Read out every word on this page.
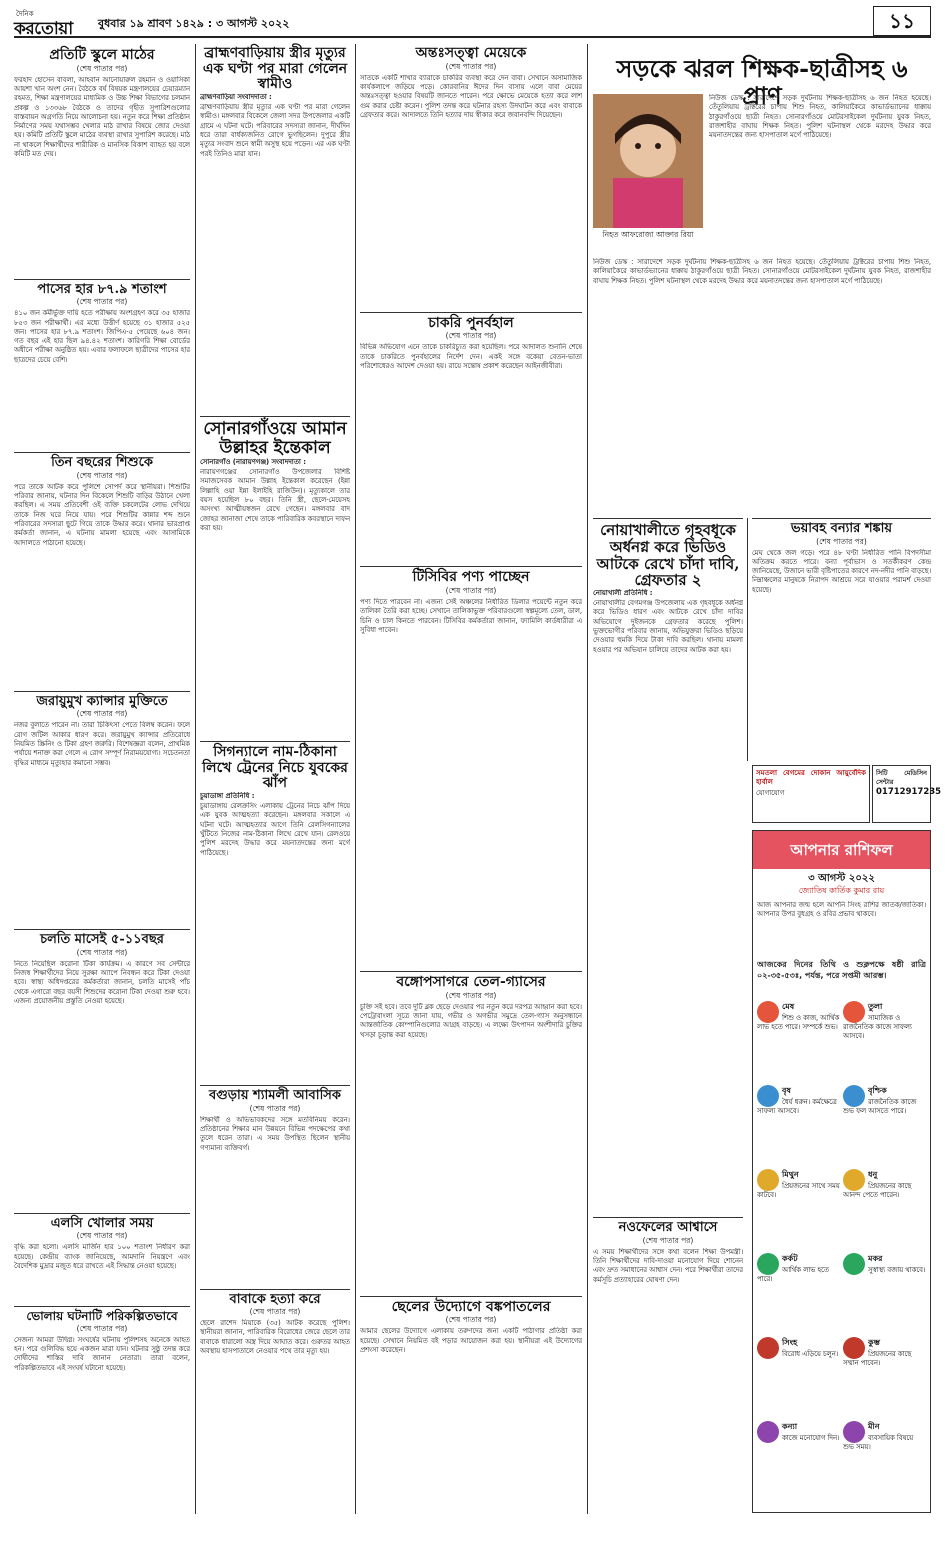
দৈনিক
করতোয়া বুধবার ১৯ শ্রাবণ ১৪২৯ : ৩ আগস্ট ২০২২	১১
প্রতিটি স্কুলে মাঠের
(শেষ পাতার পর)
ফরহাদ হোসেন বাবলা, আহবান আনোয়ারুল রহমান ও ওয়াসিকা আয়শা খান অংশ নেন। বৈঠকে বর্ষ বিষয়ক মন্ত্রণালয়ের চেয়ারম্যান রহমত, শিক্ষা মন্ত্রণালয়ের মাধ্যমিক ও উচ্চ শিক্ষা বিভাগের চলমান প্রকল্প ও ১৩৩৬৮ বৈঠকে ও তাদের গৃহীত সুপারিশগুলোর বাস্তবায়ন অগ্রগতি নিয়ে আলোচনা হয়। নতুন করে শিক্ষা প্রতিষ্ঠান নির্মাণের সময় যথাসম্ভব খেলার মাঠ রাখার বিষয়ে জোর দেওয়া হয়। কমিটি প্রতিটি স্কুলে মাঠের ব্যবস্থা রাখার সুপারিশ করেছে। মাঠ না থাকলে শিক্ষার্থীদের শারীরিক ও মানসিক বিকাশ ব্যাহত হয় বলে কমিটি মত দেয়।
পাসের হার ৮৭.৯ শতাংশ
(শেষ পাতার পর)
৪১০ জন কর্মীর্ভুক্ত দায়ি হতে পরীক্ষায় অংশগ্রহণ করে ৩৫ হাজার ৮৫৩ জন পরীক্ষার্থী। এর মধ্যে উত্তীর্ণ হয়েছে ৩১ হাজার ৫২৫ জন। পাসের হার ৮৭.৯ শতাংশ। জিপিএ-৫ পেয়েছে ৬০৪ জন। গত বছর এই হার ছিল ৯৪.৪২ শতাংশ। কারিগরি শিক্ষা বোর্ডের অধীনে পরীক্ষা অনুষ্ঠিত হয়। এবার ফলাফলে ছাত্রীদের পাসের হার ছাত্রদের চেয়ে বেশি।
তিন বছরের শিশুকে
(শেষ পাতার পর)
পরে তাকে আটক করে পুলিশে সোপর্দ করে স্থানীয়রা। শিশুটির পরিবার জানায়, ঘটনার দিন বিকেলে শিশুটি বাড়ির উঠানে খেলা করছিল। এ সময় প্রতিবেশী ওই ব্যক্তি চকলেটের লোভ দেখিয়ে তাকে নিজ ঘরে নিয়ে যায়। পরে শিশুটির কান্নার শব্দ শুনে পরিবারের সদস্যরা ছুটে গিয়ে তাকে উদ্ধার করে। থানার ভারপ্রাপ্ত কর্মকর্তা জানান, এ ঘটনায় মামলা হয়েছে এবং আসামিকে আদালতে পাঠানো হয়েছে।
জরায়ুমুখ ক্যান্সার মুক্তিতে
(শেষ পাতার পর)
নজর বুলাতে পারেন না। তারা চিকিৎসা পেতে বিলম্ব করেন। ফলে রোগ জটিল আকার ধারণ করে। জরায়ুমুখ ক্যান্সার প্রতিরোধে নিয়মিত স্ক্রিনিং ও টিকা গ্রহণ জরুরি। বিশেষজ্ঞরা বলেন, প্রাথমিক পর্যায়ে শনাক্ত করা গেলে এ রোগ সম্পূর্ণ নিরাময়যোগ্য। সচেতনতা বৃদ্ধির মাধ্যমে মৃত্যুহার কমানো সম্ভব।
চলতি মাসেই ৫-১১বছর
(শেষ পাতার পর)
নিতে নিয়েছিল করোনা টিকা কার্যক্রম। এ কারণে সব সেন্টারে নিজস্ব শিক্ষার্থীদের নিয়ে সুরক্ষা অ্যাপে নিবন্ধন করে টিকা দেওয়া হবে। স্বাস্থ্য অধিদপ্তরের কর্মকর্তারা জানান, চলতি মাসেই পাঁচ থেকে এগারো বছর বয়সী শিশুদের করোনা টিকা দেওয়া শুরু হবে। এজন্য প্রয়োজনীয় প্রস্তুতি নেওয়া হয়েছে।
এলসি খোলার সময়
(শেষ পাতার পর)
বৃদ্ধি করা হলো। এলসি মার্জিন হার ১০০ শতাংশ নির্ধারণ করা হয়েছে। কেন্দ্রীয় ব্যাংক জানিয়েছে, আমদানি নিয়ন্ত্রণে এবং বৈদেশিক মুদ্রার মজুত ধরে রাখতে এই সিদ্ধান্ত নেওয়া হয়েছে।
ভোলায় ঘটনাটি পরিকল্পিতভাবে
(শেষ পাতার পর)
সেজন্য আমরা উদ্বিগ্ন। সংঘর্ষের ঘটনায় পুলিশসহ অনেকে আহত হন। পরে গুলিবিদ্ধ হয়ে একজন মারা যান। ঘটনার সুষ্ঠু তদন্ত করে দোষীদের শাস্তির দাবি জানান নেতারা। তারা বলেন, পরিকল্পিতভাবে এই সংঘর্ষ ঘটানো হয়েছে।
ব্রাহ্মণবাড়িয়ায় স্ত্রীর মৃত্যুর এক ঘণ্টা পর মারা গেলেন স্বামীও
ব্রাহ্মণবাড়িয়া সংবাদদাতা :
ব্রাহ্মণবাড়িয়ায় স্ত্রীর মৃত্যুর এক ঘণ্টা পর মারা গেলেন স্বামীও। মঙ্গলবার বিকেলে জেলা সদর উপজেলার একটি গ্রামে এ ঘটনা ঘটে। পরিবারের সদস্যরা জানান, দীর্ঘদিন ধরে তারা বার্ধক্যজনিত রোগে ভুগছিলেন। দুপুরে স্ত্রীর মৃত্যুর সংবাদ শুনে স্বামী অসুস্থ হয়ে পড়েন। এর এক ঘণ্টা পরই তিনিও মারা যান।
সোনারগাঁওয়ে আমান উল্লাহর ইন্তেকাল
সোনারগাঁও (নারায়ণগঞ্জ) সংবাদদাতা :
নারায়ণগঞ্জের সোনারগাঁও উপজেলার বিশিষ্ট সমাজসেবক আমান উল্লাহ ইন্তেকাল করেছেন (ইন্না লিল্লাহি ওয়া ইন্না ইলাইহি রাজিউন)। মৃত্যুকালে তার বয়স হয়েছিল ৮০ বছর। তিনি স্ত্রী, ছেলে-মেয়েসহ অসংখ্য আত্মীয়স্বজন রেখে গেছেন। মঙ্গলবার বাদ জোহর জানাজা শেষে তাকে পারিবারিক কবরস্থানে দাফন করা হয়।
সিগন্যালে নাম-ঠিকানা লিখে ট্রেনের নিচে যুবকের ঝাঁপ
চুয়াডাঙ্গা প্রতিনিধি :
চুয়াডাঙ্গায় রেলক্রসিং এলাকায় ট্রেনের নিচে ঝাঁপ দিয়ে এক যুবক আত্মহত্যা করেছেন। মঙ্গলবার সকালে এ ঘটনা ঘটে। আত্মহত্যার আগে তিনি রেলসিগন্যালের খুঁটিতে নিজের নাম-ঠিকানা লিখে রেখে যান। রেলওয়ে পুলিশ মরদেহ উদ্ধার করে ময়নাতদন্তের জন্য মর্গে পাঠিয়েছে।
বগুড়ায় শ্যামলী আবাসিক
(শেষ পাতার পর)
শিক্ষার্থী ও অভিভাবকদের সঙ্গে মতবিনিময় করেন। প্রতিষ্ঠানের শিক্ষার মান উন্নয়নে বিভিন্ন পদক্ষেপের কথা তুলে ধরেন তারা। এ সময় উপস্থিত ছিলেন স্থানীয় গণ্যমান্য ব্যক্তিবর্গ।
বাবাকে হত্যা করে
(শেষ পাতার পর)
ছেলে রাশেদ মিয়াকে (৩৫) আটক করেছে পুলিশ। স্থানীয়রা জানান, পারিবারিক বিরোধের জেরে ছেলে তার বাবাকে ধারালো অস্ত্র দিয়ে আঘাত করে। গুরুতর আহত অবস্থায় হাসপাতালে নেওয়ার পথে তার মৃত্যু হয়।
অন্তঃসত্ত্বা মেয়েকে
(শেষ পাতার পর)
সাতকে একটি শাখার ব্যারাকে চাকরির ব্যবস্থা করে দেন বাবা। সেখানে অসামাজিক কার্যকলাপে জড়িয়ে পড়ে। কোরবানির ঈদের দিন বাসায় এলে বাবা মেয়ের অন্তঃসত্ত্বা হওয়ার বিষয়টি জানতে পারেন। পরে ক্ষোভে মেয়েকে হত্যা করে লাশ গুম করার চেষ্টা করেন। পুলিশ তদন্ত করে ঘটনার রহস্য উদঘাটন করে এবং বাবাকে গ্রেফতার করে। আদালতে তিনি হত্যার দায় স্বীকার করে জবানবন্দি দিয়েছেন।
চাকরি পুনর্বহাল
(শেষ পাতার পর)
বিভিন্ন অভিযোগ এনে তাকে চাকরিচ্যুত করা হয়েছিল। পরে আদালত শুনানি শেষে তাকে চাকরিতে পুনর্বহালের নির্দেশ দেন। একই সঙ্গে বকেয়া বেতন-ভাতা পরিশোধেরও আদেশ দেওয়া হয়। রায়ে সন্তোষ প্রকাশ করেছেন আইনজীবীরা।
টিসিবির পণ্য পাচ্ছেন
(শেষ পাতার পর)
পণ্য দিতে পারবেন না। এজন্য সেই অঞ্চলের নির্ধারিত ডিলার পয়েন্টে নতুন করে তালিকা তৈরি করা হচ্ছে। সেখানে তালিকাভুক্ত পরিবারগুলো স্বল্পমূল্যে তেল, ডাল, চিনি ও চাল কিনতে পারবেন। টিসিবির কর্মকর্তারা জানান, ফ্যামিলি কার্ডধারীরা এ সুবিধা পাবেন।
বঙ্গোপসাগরে তেল-গ্যাসের
(শেষ পাতার পর)
চুক্তি সই হবে। তবে দুটি ব্লক ছেড়ে দেওয়ার পর নতুন করে দরপত্র আহ্বান করা হবে। পেট্রোবাংলা সূত্রে জানা যায়, গভীর ও অগভীর সমুদ্রে তেল-গ্যাস অনুসন্ধানে আন্তর্জাতিক কোম্পানিগুলোর আগ্রহ বাড়ছে। এ লক্ষ্যে উৎপাদন অংশীদারি চুক্তির খসড়া চূড়ান্ত করা হয়েছে।
ছেলের উদ্যোগে বঙ্কপাতলের
(শেষ পাতার পর)
আমার ছেলের উদ্যোগে এলাকায় তরুণদের জন্য একটি পাঠাগার প্রতিষ্ঠা করা হয়েছে। সেখানে নিয়মিত বই পড়ার আয়োজন করা হয়। স্থানীয়রা এই উদ্যোগের প্রশংসা করেছেন।
সড়কে ঝরল শিক্ষক-ছাত্রীসহ ৬ প্রাণ
নিহত আফরোজা আক্তার রিয়া
নিউজ ডেস্ক : সারাদেশে সড়ক দুর্ঘটনায় শিক্ষক-ছাত্রীসহ ৬ জন নিহত হয়েছে। তেঁতুলিয়ায় ট্রাক্টরের চাপায় শিশু নিহত, কালিয়াকৈরে কাভার্ডভ্যানের ধাক্কায় ঠাকুরগাঁওয়ে ছাত্রী নিহত। সোনারগাঁওয়ে মোটরসাইকেল দুর্ঘটনায় যুবক নিহত, রাজশাহীর বাঘায় শিক্ষক নিহত। পুলিশ ঘটনাস্থল থেকে মরদেহ উদ্ধার করে ময়নাতদন্তের জন্য হাসপাতাল মর্গে পাঠিয়েছে।
নিউজ ডেস্ক : সারাদেশে সড়ক দুর্ঘটনায় শিক্ষক-ছাত্রীসহ ৬ জন নিহত হয়েছে। তেঁতুলিয়ায় ট্রাক্টরের চাপায় শিশু নিহত, কালিয়াকৈরে কাভার্ডভ্যানের ধাক্কায় ঠাকুরগাঁওয়ে ছাত্রী নিহত। সোনারগাঁওয়ে মোটরসাইকেল দুর্ঘটনায় যুবক নিহত, রাজশাহীর বাঘায় শিক্ষক নিহত। পুলিশ ঘটনাস্থল থেকে মরদেহ উদ্ধার করে ময়নাতদন্তের জন্য হাসপাতাল মর্গে পাঠিয়েছে।
নোয়াখালীতে গৃহবধূকে অর্ধনগ্ন করে ভিডিও আটকে রেখে চাঁদা দাবি, গ্রেফতার ২
নোয়াখালী প্রতিনিধি :
নোয়াখালীর বেগমগঞ্জ উপজেলায় এক গৃহবধূকে অর্ধনগ্ন করে ভিডিও ধারণ এবং আটকে রেখে চাঁদা দাবির অভিযোগে দুইজনকে গ্রেফতার করেছে পুলিশ। ভুক্তভোগীর পরিবার জানায়, অভিযুক্তরা ভিডিও ছড়িয়ে দেওয়ার হুমকি দিয়ে টাকা দাবি করছিল। থানায় মামলা হওয়ার পর অভিযান চালিয়ে তাদের আটক করা হয়।
নওফেলের আশ্বাসে
(শেষ পাতার পর)
এ সময় শিক্ষার্থীদের সঙ্গে কথা বলেন শিক্ষা উপমন্ত্রী। তিনি শিক্ষার্থীদের দাবি-দাওয়া মনোযোগ দিয়ে শোনেন এবং দ্রুত সমাধানের আশ্বাস দেন। পরে শিক্ষার্থীরা তাদের কর্মসূচি প্রত্যাহারের ঘোষণা দেন।
ভয়াবহ বন্যার শঙ্কায়
(শেষ পাতার পর)
মেঘ থেকে জল গড়ে। পরে ৪৮ ঘণ্টা নির্ধারিত পানি বিপদসীমা অতিক্রম করতে পারে। বন্যা পূর্বাভাস ও সতর্কীকরণ কেন্দ্র জানিয়েছে, উজানে ভারী বৃষ্টিপাতের কারণে নদ-নদীর পানি বাড়ছে। নিম্নাঞ্চলের মানুষকে নিরাপদ আশ্রয়ে সরে যাওয়ার পরামর্শ দেওয়া হয়েছে।
সমতলা বেগমের দোকান আয়ুর্বেদিক হার্বাল
যোগাযোগ
সিটি মেডিসিন সেন্টার
01712917235
আপনার রাশিফল
৩ আগস্ট ২০২২
জ্যোতিষ কার্তিক কুমার রায়
আজ আপনার জন্ম হলে আপনি সিংহ রাশির জাতক/জাতিকা। আপনার উপর বুধগ্রহ ও রবির প্রভাব থাকবে।
আজকের দিনের তিথি ও শুক্লপক্ষে ষষ্ঠী রাত্রি ০২-৩৫-৫৩ঃ, পর্যন্ত, পরে সপ্তমী আরম্ভ।
মেষ
শিশু ও কাজ, আর্থিক লাভ হতে পারে। সম্পর্কে শুভ।
বৃষ
ধৈর্য ধরুন। কর্মক্ষেত্রে সাফল্য আসবে।
মিথুন
প্রিয়জনের সাথে সময় কাটবে।
কর্কট
আর্থিক লাভ হতে পারে।
সিংহ
বিরোধ এড়িয়ে চলুন।
কন্যা
কাজে মনোযোগ দিন।
তুলা
সামাজিক ও রাজনৈতিক কাজে সাফল্য আসবে।
বৃশ্চিক
রাজনৈতিক কাজে শুভ ফল আসতে পারে।
ধনু
প্রিয়জনের কাছে আনন্দ পেতে পারেন।
মকর
সুস্বাস্থ্য বজায় থাকবে।
কুম্ভ
প্রিয়জনের কাছে সম্মান পাবেন।
মীন
ব্যবসায়িক বিষয়ে শুভ সময়।
